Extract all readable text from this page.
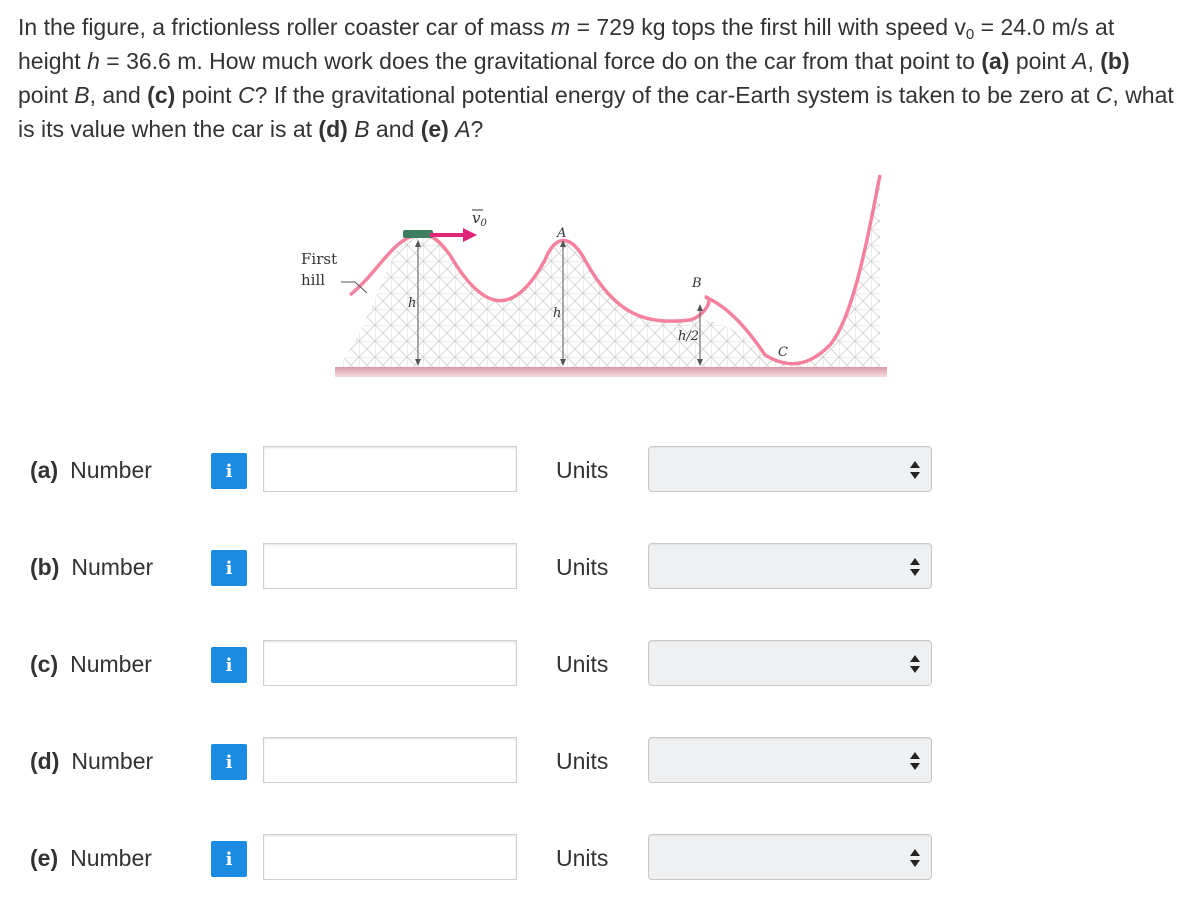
In the figure, a frictionless roller coaster car of mass m = 729 kg tops the first hill with speed $v_0 = 24.0$ m/s at height h = 36.6 m. How much work does the gravitational force do on the car from that point to (a) point A, (b) point B, and (c) point C? If the gravitational potential energy of the car-Earth system is taken to be zero at C, what is its value when the car is at (d) B and (e) A?
First
hill
$v_0$
h
h
h/2
A
B
C
(a) Number	i	Units
(b) Number	i	Units
(c) Number	i	Units
(d) Number	i	Units
(e) Number	i	Units
